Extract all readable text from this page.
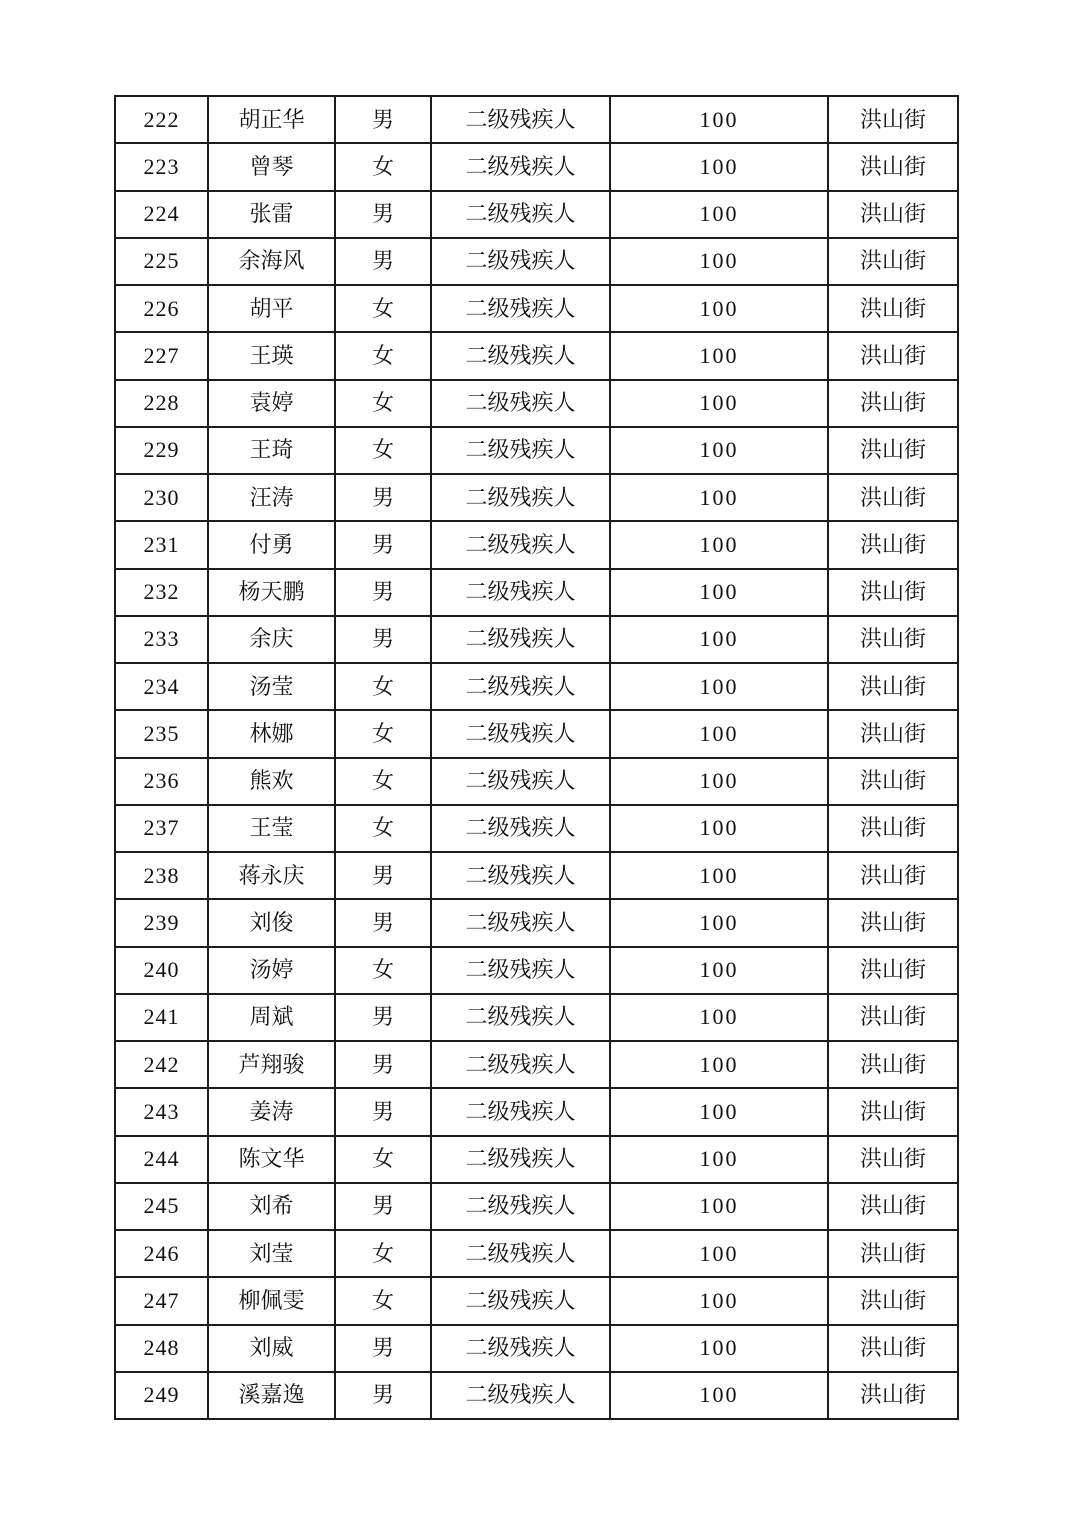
222	胡正华	男	二级残疾人	100	洪山街
223	曾琴	女	二级残疾人	100	洪山街
224	张雷	男	二级残疾人	100	洪山街
225	余海风	男	二级残疾人	100	洪山街
226	胡平	女	二级残疾人	100	洪山街
227	王瑛	女	二级残疾人	100	洪山街
228	袁婷	女	二级残疾人	100	洪山街
229	王琦	女	二级残疾人	100	洪山街
230	汪涛	男	二级残疾人	100	洪山街
231	付勇	男	二级残疾人	100	洪山街
232	杨天鹏	男	二级残疾人	100	洪山街
233	余庆	男	二级残疾人	100	洪山街
234	汤莹	女	二级残疾人	100	洪山街
235	林娜	女	二级残疾人	100	洪山街
236	熊欢	女	二级残疾人	100	洪山街
237	王莹	女	二级残疾人	100	洪山街
238	蒋永庆	男	二级残疾人	100	洪山街
239	刘俊	男	二级残疾人	100	洪山街
240	汤婷	女	二级残疾人	100	洪山街
241	周斌	男	二级残疾人	100	洪山街
242	芦翔骏	男	二级残疾人	100	洪山街
243	姜涛	男	二级残疾人	100	洪山街
244	陈文华	女	二级残疾人	100	洪山街
245	刘希	男	二级残疾人	100	洪山街
246	刘莹	女	二级残疾人	100	洪山街
247	柳佩雯	女	二级残疾人	100	洪山街
248	刘威	男	二级残疾人	100	洪山街
249	溪嘉逸	男	二级残疾人	100	洪山街
